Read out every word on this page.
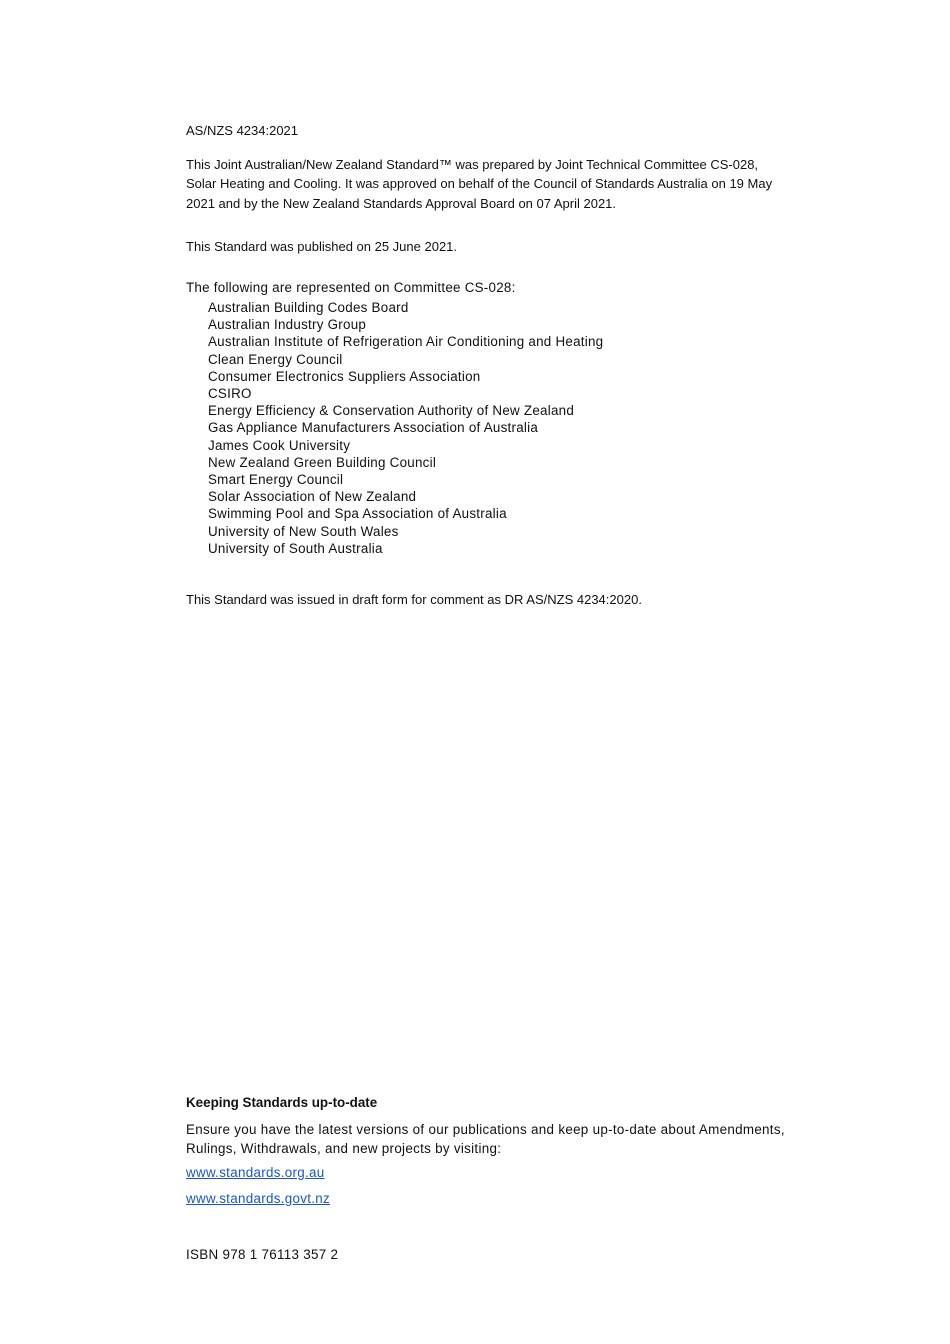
AS/NZS 4234:2021

This Joint Australian/New Zealand Standard™ was prepared by Joint Technical Committee CS-028, Solar Heating and Cooling. It was approved on behalf of the Council of Standards Australia on 19 May 2021 and by the New Zealand Standards Approval Board on 07 April 2021.

This Standard was published on 25 June 2021.

The following are represented on Committee CS-028:
Australian Building Codes Board
Australian Industry Group
Australian Institute of Refrigeration Air Conditioning and Heating
Clean Energy Council
Consumer Electronics Suppliers Association
CSIRO
Energy Efficiency & Conservation Authority of New Zealand
Gas Appliance Manufacturers Association of Australia
James Cook University
New Zealand Green Building Council
Smart Energy Council
Solar Association of New Zealand
Swimming Pool and Spa Association of Australia
University of New South Wales
University of South Australia

This Standard was issued in draft form for comment as DR AS/NZS 4234:2020.

Keeping Standards up-to-date

Ensure you have the latest versions of our publications and keep up-to-date about Amendments, Rulings, Withdrawals, and new projects by visiting:

www.standards.org.au
www.standards.govt.nz

ISBN 978 1 76113 357 2
